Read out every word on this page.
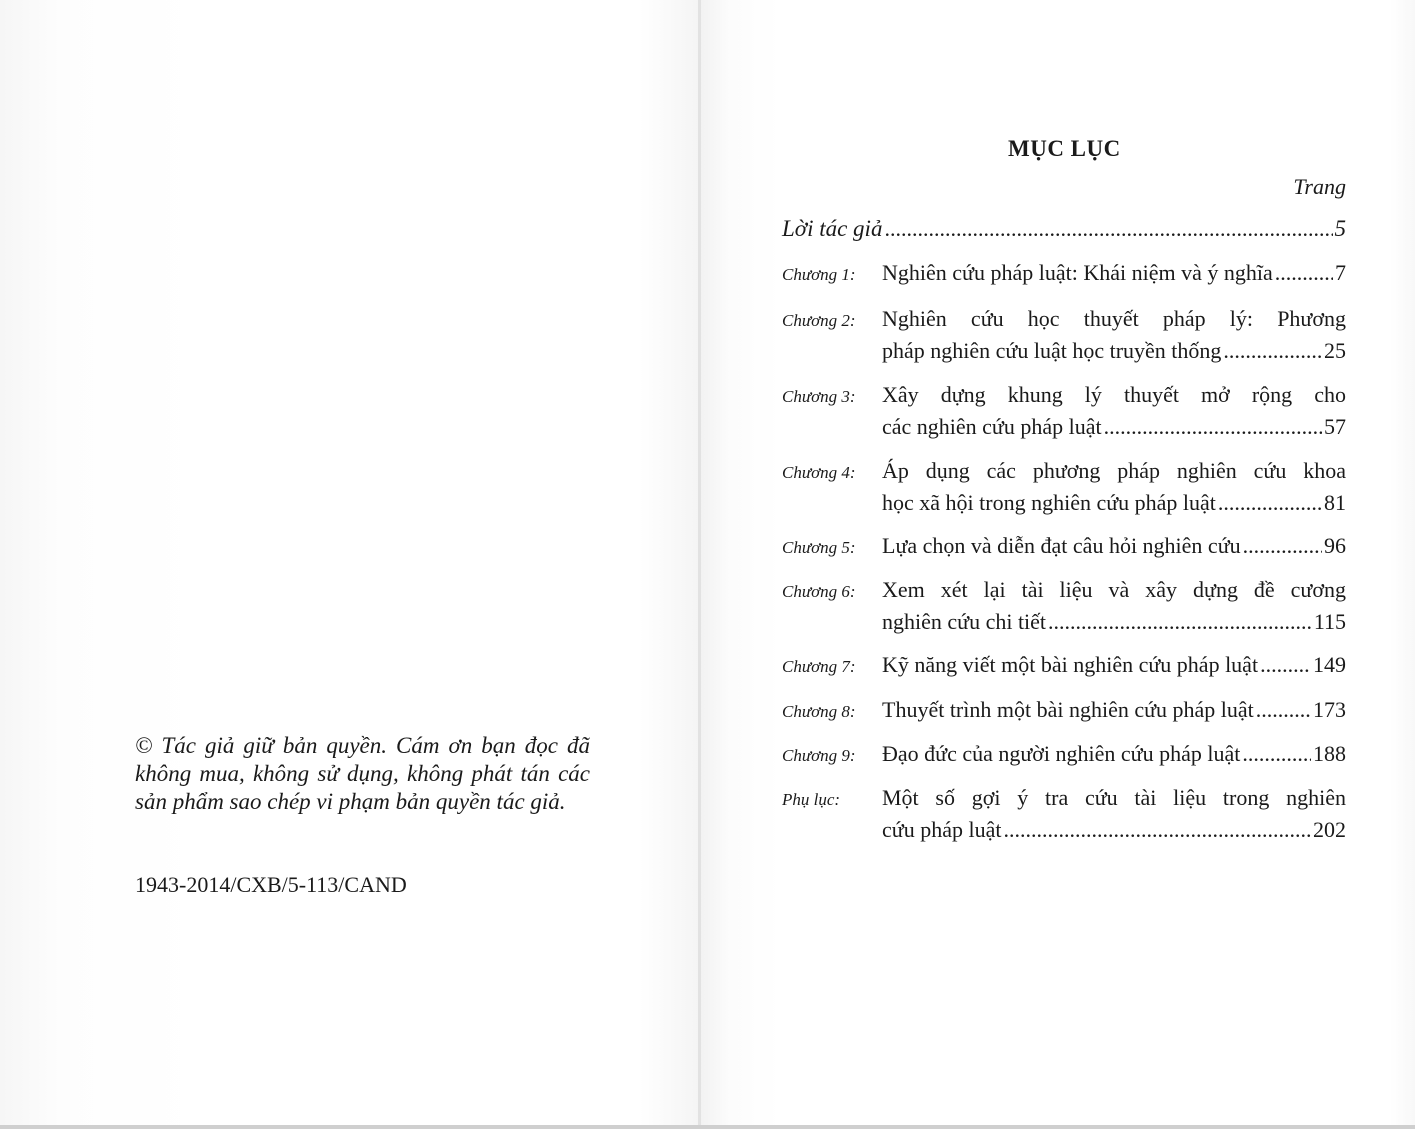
© Tác giả giữ bản quyền. Cám ơn bạn đọc đã không mua, không sử dụng, không phát tán các sản phẩm sao chép vi phạm bản quyền tác giả.
1943-2014/CXB/5-113/CAND
MỤC LỤC
Trang
Lời tác giả .....	5
Chương 1: Nghiên cứu pháp luật: Khái niệm và ý nghĩa .....	7
Chương 2: Nghiên cứu học thuyết pháp lý: Phương
pháp nghiên cứu luật học truyền thống .....	25
Chương 3: Xây dựng khung lý thuyết mở rộng cho
các nghiên cứu pháp luật .....	57
Chương 4: Áp dụng các phương pháp nghiên cứu khoa
học xã hội trong nghiên cứu pháp luật .....	81
Chương 5: Lựa chọn và diễn đạt câu hỏi nghiên cứu .....	96
Chương 6: Xem xét lại tài liệu và xây dựng đề cương
nghiên cứu chi tiết .....	115
Chương 7: Kỹ năng viết một bài nghiên cứu pháp luật ..... 149
Chương 8: Thuyết trình một bài nghiên cứu pháp luật .....	173
Chương 9: Đạo đức của người nghiên cứu pháp luật .....	188
Phụ lục: Một số gợi ý tra cứu tài liệu trong nghiên
cứu pháp luật .....	202
